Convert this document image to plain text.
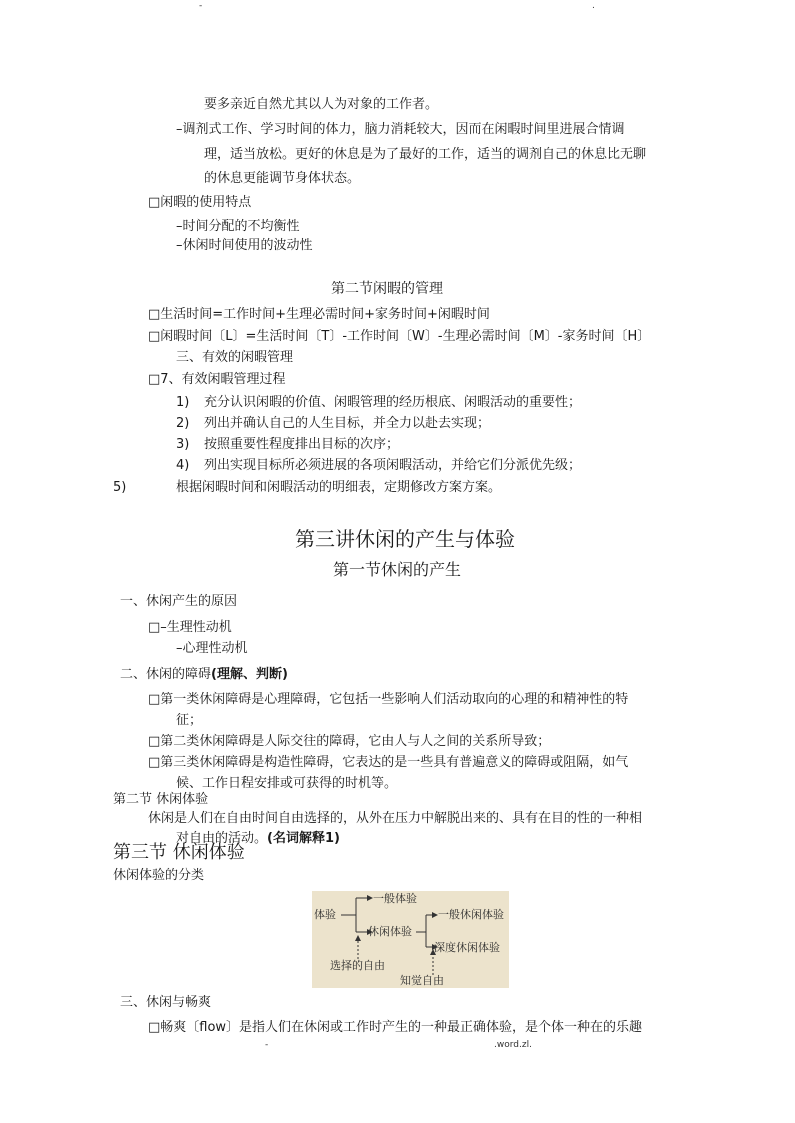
-	.
要多亲近自然尤其以人为对象的工作者。
–调剂式工作、学习时间的体力，脑力消耗较大，因而在闲暇时间里进展合情调
理，适当放松。更好的休息是为了最好的工作，适当的调剂自己的休息比无聊
的休息更能调节身体状态。
□闲暇的使用特点
–时间分配的不均衡性
–休闲时间使用的波动性
第二节闲暇的管理
□生活时间=工作时间+生理必需时间+家务时间+闲暇时间
□闲暇时间〔L〕=生活时间〔T〕-工作时间〔W〕-生理必需时间〔M〕-家务时间〔H〕
三、有效的闲暇管理
□7、有效闲暇管理过程
1) 充分认识闲暇的价值、闲暇管理的经历根底、闲暇活动的重要性；
2) 列出并确认自己的人生目标，并全力以赴去实现；
3) 按照重要性程度排出目标的次序；
4) 列出实现目标所必须进展的各项闲暇活动，并给它们分派优先级；
5)	根据闲暇时间和闲暇活动的明细表，定期修改方案方案。
第三讲休闲的产生与体验
第一节休闲的产生
一、休闲产生的原因
□–生理性动机
–心理性动机
二、休闲的障碍(理解、判断)
□第一类休闲障碍是心理障碍，它包括一些影响人们活动取向的心理的和精神性的特
征；
□第二类休闲障碍是人际交往的障碍，它由人与人之间的关系所导致；
□第三类休闲障碍是构造性障碍，它表达的是一些具有普遍意义的障碍或阻隔，如气
候、工作日程安排或可获得的时机等。
第二节 休闲体验
休闲是人们在自由时间自由选择的，从外在压力中解脱出来的、具有在目的性的一种相
对自由的活动。(名词解释1)
第三节 休闲体验
休闲体验的分类
体验
一般体验
休闲体验
一般休闲体验
深度休闲体验
选择的自由
知觉自由
三、休闲与畅爽
□畅爽〔flow〕是指人们在休闲或工作时产生的一种最正确体验，是个体一种在的乐趣
-	.word.zl.
